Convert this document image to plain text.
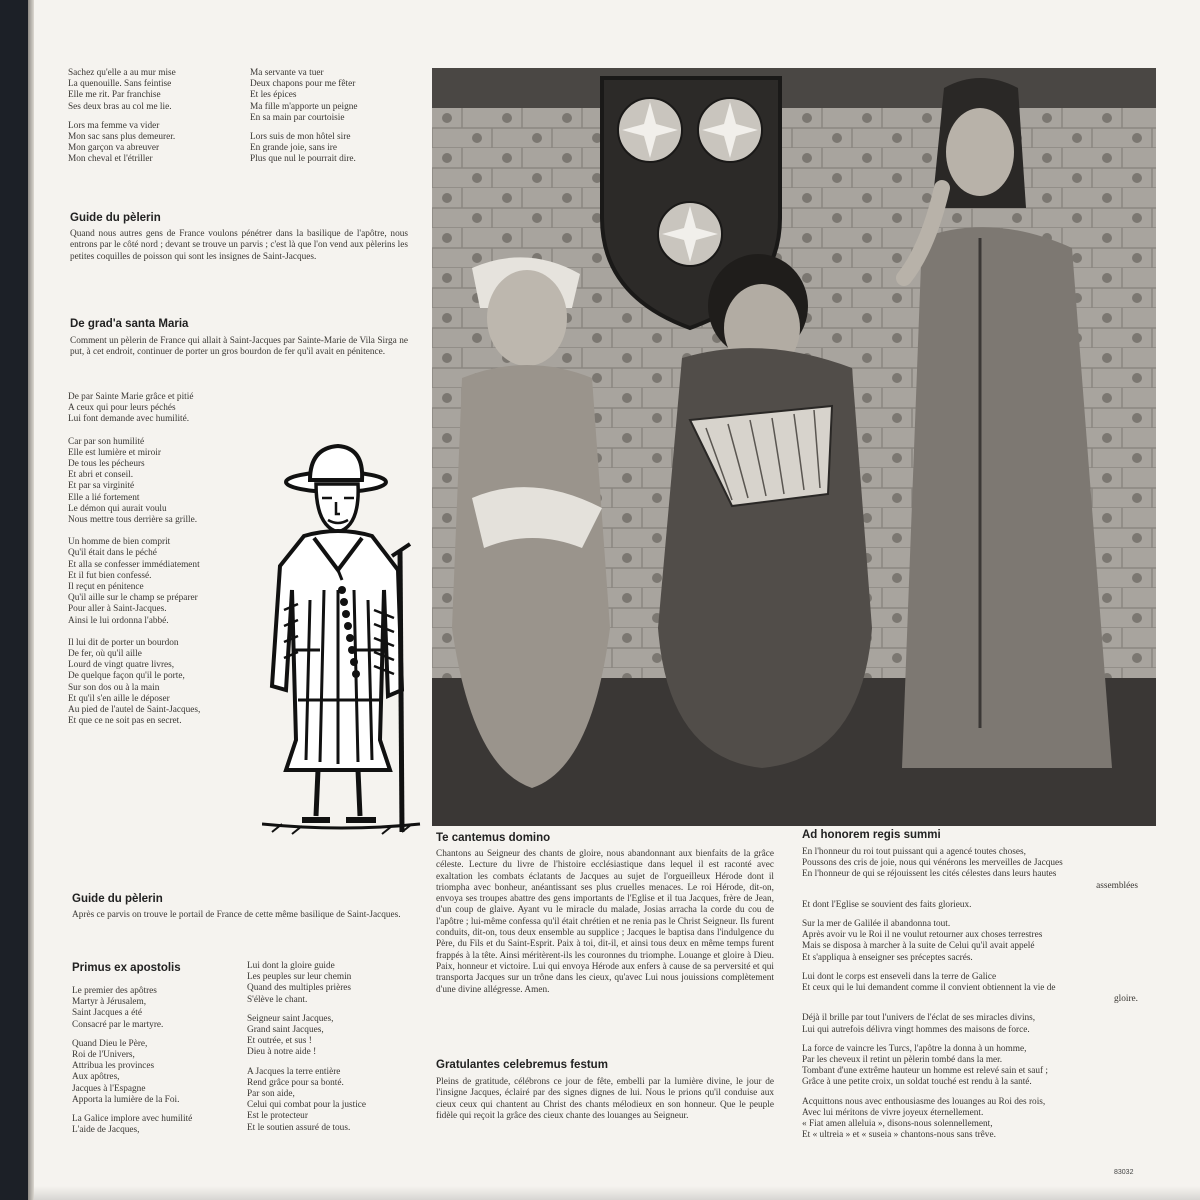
Sachez qu'elle a au mur mise
La quenouille. Sans feintise
Elle me rit. Par franchise
Ses deux bras au col me lie.
Lors ma femme va vider
Mon sac sans plus demeurer.
Mon garçon va abreuver
Mon cheval et l'étriller
Ma servante va tuer
Deux chapons pour me fêter
Et les épices
Ma fille m'apporte un peigne
En sa main par courtoisie
Lors suis de mon hôtel sire
En grande joie, sans ire
Plus que nul le pourrait dire.
Guide du pèlerin
Quand nous autres gens de France voulons pénétrer dans la basilique de l'apôtre, nous entrons par le côté nord ; devant se trouve un parvis ; c'est là que l'on vend aux pèlerins les petites coquilles de poisson qui sont les insignes de Saint-Jacques.
De grad'a santa Maria
Comment un pèlerin de France qui allait à Saint-Jacques par Sainte-Marie de Vila Sirga ne put, à cet endroit, continuer de porter un gros bourdon de fer qu'il avait en pénitence.
De par Sainte Marie grâce et pitié
A ceux qui pour leurs péchés
Lui font demande avec humilité.
Car par son humilité
Elle est lumière et miroir
De tous les pécheurs
Et abri et conseil.
Et par sa virginité
Elle a lié fortement
Le démon qui aurait voulu
Nous mettre tous derrière sa grille.
Un homme de bien comprit
Qu'il était dans le péché
Et alla se confesser immédiatement
Et il fut bien confessé.
Il reçut en pénitence
Qu'il aille sur le champ se préparer
Pour aller à Saint-Jacques.
Ainsi le lui ordonna l'abbé.
Il lui dit de porter un bourdon
De fer, où qu'il aille
Lourd de vingt quatre livres,
De quelque façon qu'il le porte,
Sur son dos ou à la main
Et qu'il s'en aille le déposer
Au pied de l'autel de Saint-Jacques,
Et que ce ne soit pas en secret.
Guide du pèlerin
Après ce parvis on trouve le portail de France de cette même basilique de Saint-Jacques.
Primus ex apostolis
Le premier des apôtres
Martyr à Jérusalem,
Saint Jacques a été
Consacré par le martyre.
Quand Dieu le Père,
Roi de l'Univers,
Attribua les provinces
Aux apôtres,
Jacques à l'Espagne
Apporta la lumière de la Foi.
La Galice implore avec humilité
L'aide de Jacques,
Lui dont la gloire guide
Les peuples sur leur chemin
Quand des multiples prières
S'élève le chant.
Seigneur saint Jacques,
Grand saint Jacques,
Et outrée, et sus !
Dieu à notre aide !
A Jacques la terre entière
Rend grâce pour sa bonté.
Par son aide,
Celui qui combat pour la justice
Est le protecteur
Et le soutien assuré de tous.
Te cantemus domino
Chantons au Seigneur des chants de gloire, nous abandonnant aux bienfaits de la grâce céleste. Lecture du livre de l'histoire ecclésiastique dans lequel il est raconté avec exaltation les combats éclatants de Jacques au sujet de l'orgueilleux Hérode dont il triompha avec bonheur, anéantissant ses plus cruelles menaces. Le roi Hérode, dit-on, envoya ses troupes abattre des gens importants de l'Eglise et il tua Jacques, frère de Jean, d'un coup de glaive. Ayant vu le miracle du malade, Josias arracha la corde du cou de l'apôtre ; lui-même confessa qu'il était chrétien et ne renia pas le Christ Seigneur. Ils furent conduits, dit-on, tous deux ensemble au supplice ; Jacques le baptisa dans l'indulgence du Père, du Fils et du Saint-Esprit. Paix à toi, dit-il, et ainsi tous deux en même temps furent frappés à la tête. Ainsi méritèrent-ils les couronnes du triomphe. Louange et gloire à Dieu. Paix, honneur et victoire. Lui qui envoya Hérode aux enfers à cause de sa perversité et qui transporta Jacques sur un trône dans les cieux, qu'avec Lui nous jouissions complètement d'une divine allégresse. Amen.
Gratulantes celebremus festum
Pleins de gratitude, célébrons ce jour de fête, embelli par la lumière divine, le jour de l'insigne Jacques, éclairé par des signes dignes de lui. Nous le prions qu'il conduise aux cieux ceux qui chantent au Christ des chants mélodieux en son honneur. Que le peuple fidèle qui reçoit la grâce des cieux chante des louanges au Seigneur.
Ad honorem regis summi
En l'honneur du roi tout puissant qui a agencé toutes choses,
Poussons des cris de joie, nous qui vénérons les merveilles de Jacques
En l'honneur de qui se réjouissent les cités célestes dans leurs hautes
assemblées
Et dont l'Eglise se souvient des faits glorieux.
Sur la mer de Galilée il abandonna tout.
Après avoir vu le Roi il ne voulut retourner aux choses terrestres
Mais se disposa à marcher à la suite de Celui qu'il avait appelé
Et s'appliqua à enseigner ses préceptes sacrés.
Lui dont le corps est enseveli dans la terre de Galice
Et ceux qui le lui demandent comme il convient obtiennent la vie de
gloire.
Déjà il brille par tout l'univers de l'éclat de ses miracles divins,
Lui qui autrefois délivra vingt hommes des maisons de force.
La force de vaincre les Turcs, l'apôtre la donna à un homme,
Par les cheveux il retint un pèlerin tombé dans la mer.
Tombant d'une extrême hauteur un homme est relevé sain et sauf ;
Grâce à une petite croix, un soldat touché est rendu à la santé.
Acquittons nous avec enthousiasme des louanges au Roi des rois,
Avec lui méritons de vivre joyeux éternellement.
« Fiat amen alleluia », disons-nous solennellement,
Et « ultreia » et « suseia » chantons-nous sans trêve.
83032
